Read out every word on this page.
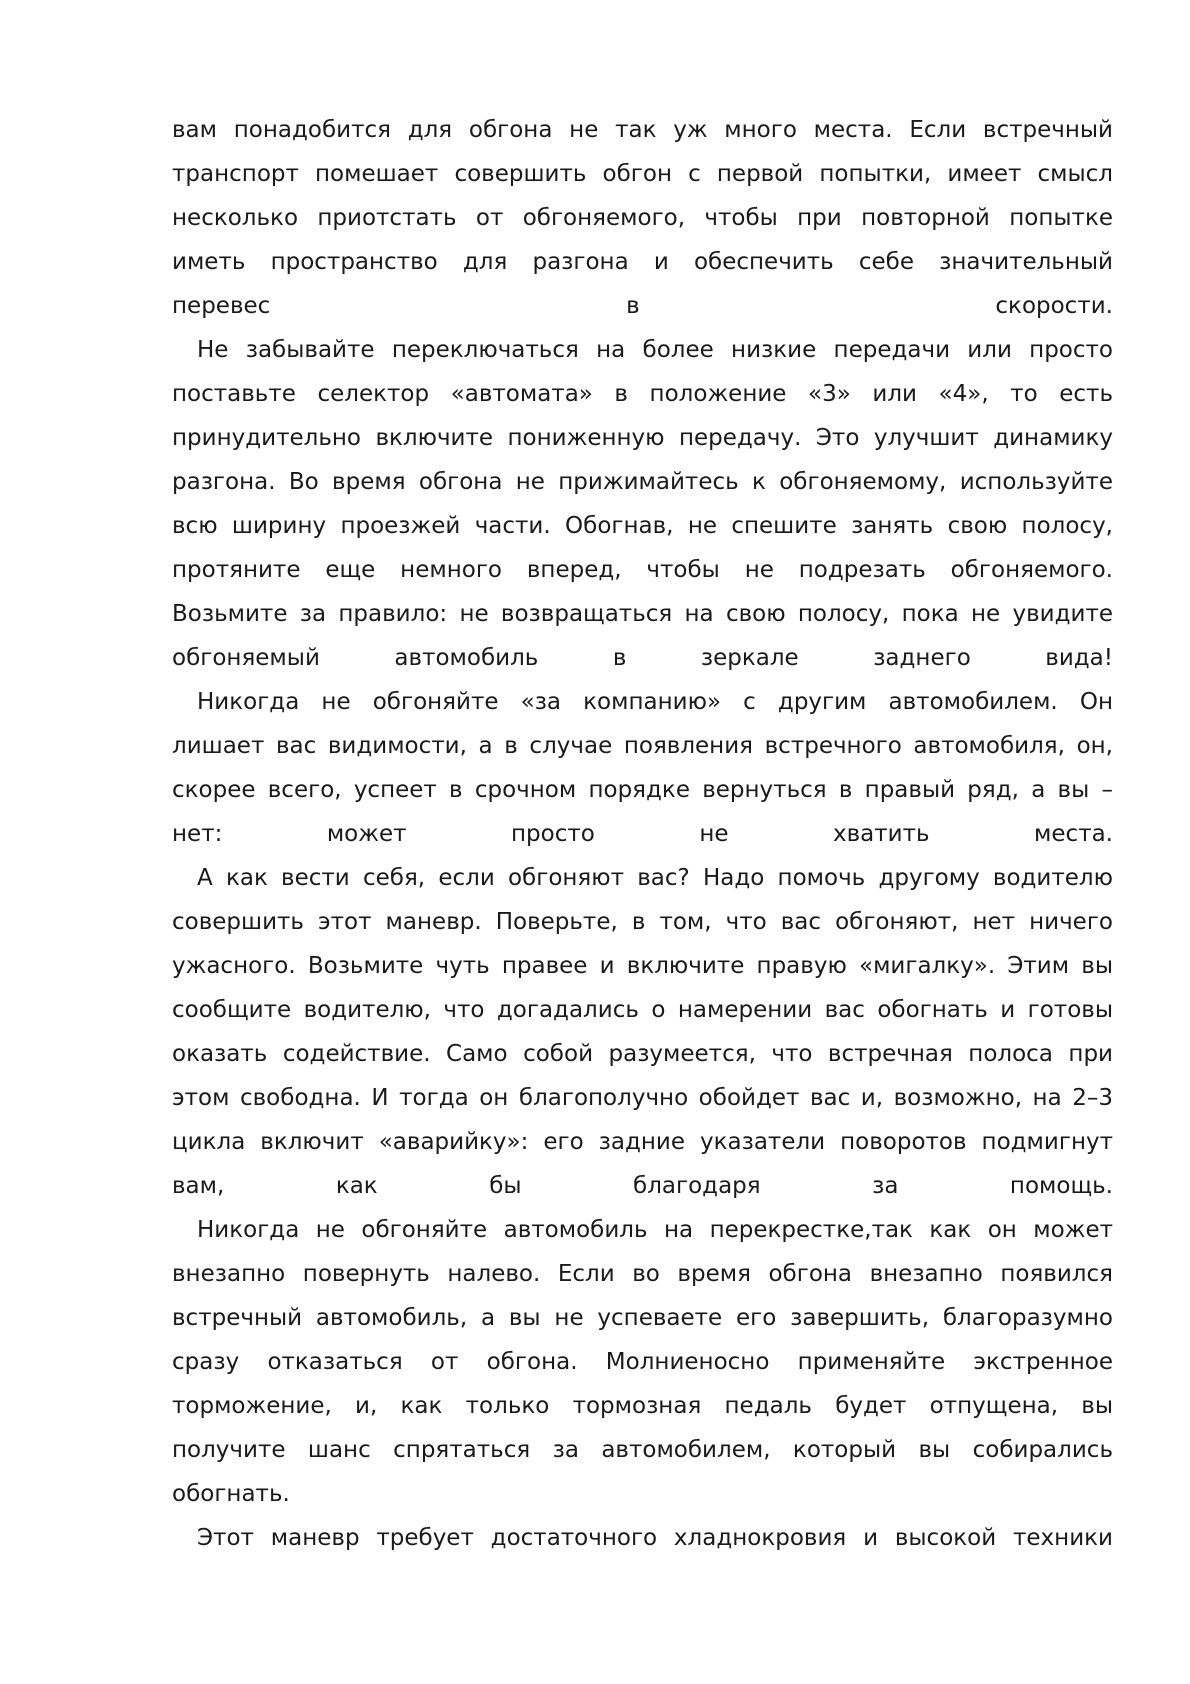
вам понадобится для обгона не так уж много места. Если встречный
транспорт помешает совершить обгон с первой попытки, имеет смысл
несколько приотстать от обгоняемого, чтобы при повторной попытке
иметь пространство для разгона и обеспечить себе значительный
перевес в скорости.
Не забывайте переключаться на более низкие передачи или просто
поставьте селектор «автомата» в положение «3» или «4», то есть
принудительно включите пониженную передачу. Это улучшит динамику
разгона. Во время обгона не прижимайтесь к обгоняемому, используйте
всю ширину проезжей части. Обогнав, не спешите занять свою полосу,
протяните еще немного вперед, чтобы не подрезать обгоняемого.
Возьмите за правило: не возвращаться на свою полосу, пока не увидите
обгоняемый автомобиль в зеркале заднего вида!
Никогда не обгоняйте «за компанию» с другим автомобилем. Он
лишает вас видимости, а в случае появления встречного автомобиля, он,
скорее всего, успеет в срочном порядке вернуться в правый ряд, а вы –
нет: может просто не хватить места.
А как вести себя, если обгоняют вас? Надо помочь другому водителю
совершить этот маневр. Поверьте, в том, что вас обгоняют, нет ничего
ужасного. Возьмите чуть правее и включите правую «мигалку». Этим вы
сообщите водителю, что догадались о намерении вас обогнать и готовы
оказать содействие. Само собой разумеется, что встречная полоса при
этом свободна. И тогда он благополучно обойдет вас и, возможно, на 2–3
цикла включит «аварийку»: его задние указатели поворотов подмигнут
вам, как бы благодаря за помощь.
Никогда не обгоняйте автомобиль на перекрестке,так как он может
внезапно повернуть налево. Если во время обгона внезапно появился
встречный автомобиль, а вы не успеваете его завершить, благоразумно
сразу отказаться от обгона. Молниеносно применяйте экстренное
торможение, и, как только тормозная педаль будет отпущена, вы
получите шанс спрятаться за автомобилем, который вы собирались
обогнать.
Этот маневр требует достаточного хладнокровия и высокой техники
